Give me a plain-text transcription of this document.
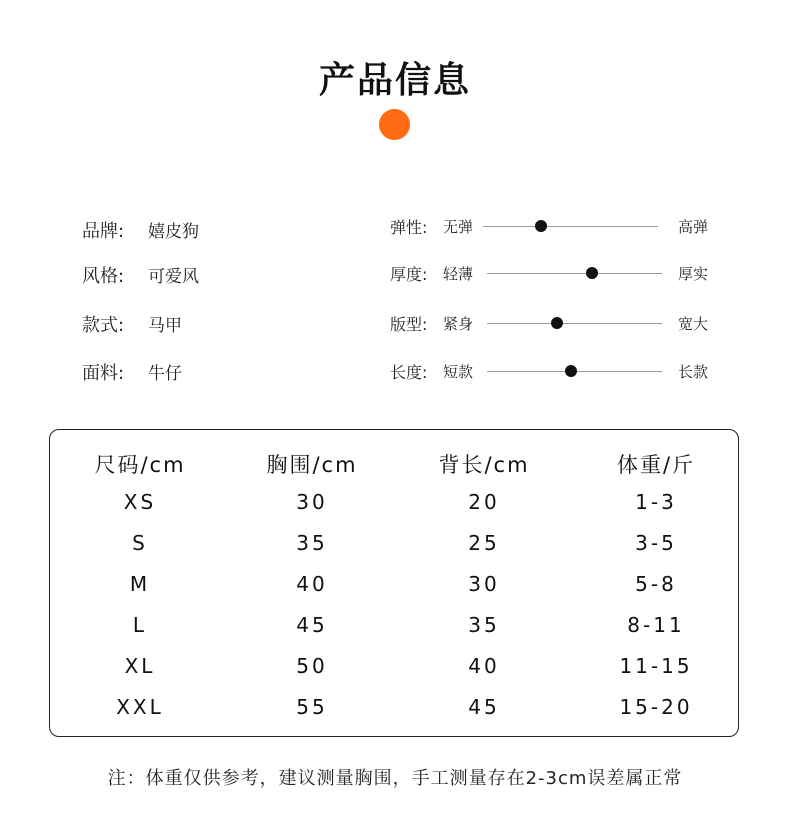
产品信息
品牌: 嬉皮狗
风格: 可爱风
款式: 马甲
面料: 牛仔
弹性: 无弹	高弹
厚度: 轻薄	厚实
版型: 紧身	宽大
长度: 短款	长款
尺码/cm	胸围/cm	背长/cm	体重/斤
XS	30	20	1-3
S	35	25	3-5
M	40	30	5-8
L	45	35	8-11
XL	50	40	11-15
XXL	55	45	15-20
注：体重仅供参考，建议测量胸围，手工测量存在2-3cm误差属正常
